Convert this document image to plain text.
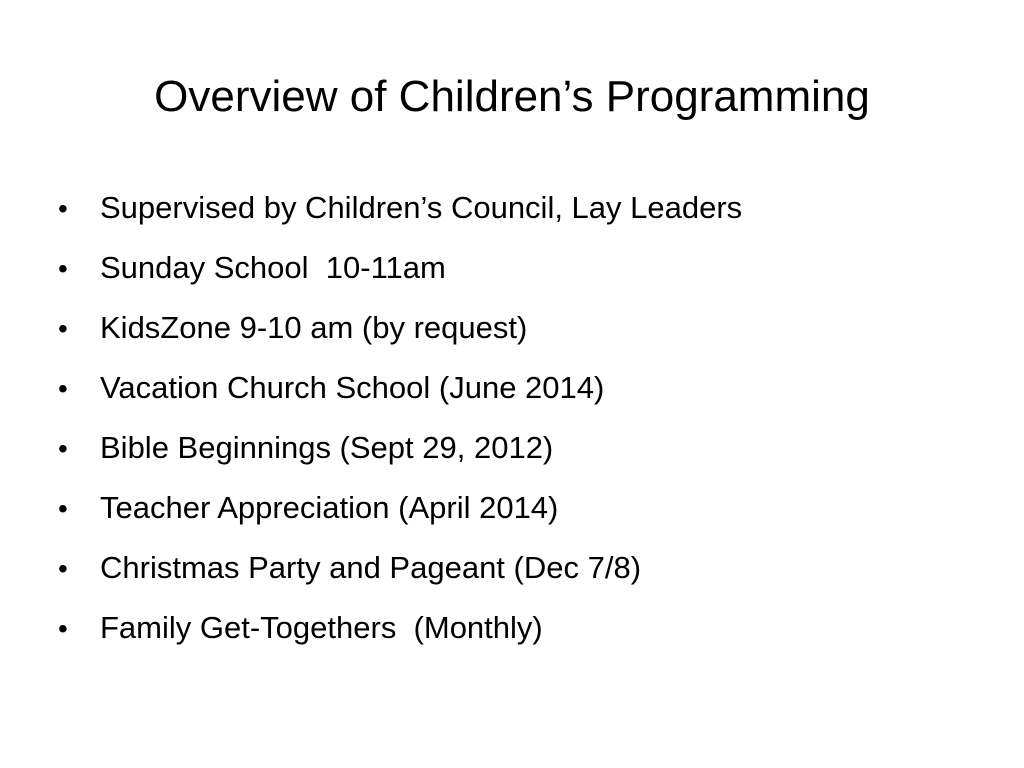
Overview of Children’s Programming
•	Supervised by Children’s Council, Lay Leaders
•	Sunday School  10-11am
•	KidsZone 9-10 am (by request)
•	Vacation Church School (June 2014)
•	Bible Beginnings (Sept 29, 2012)
•	Teacher Appreciation (April 2014)
•	Christmas Party and Pageant (Dec 7/8)
•	Family Get-Togethers  (Monthly)
